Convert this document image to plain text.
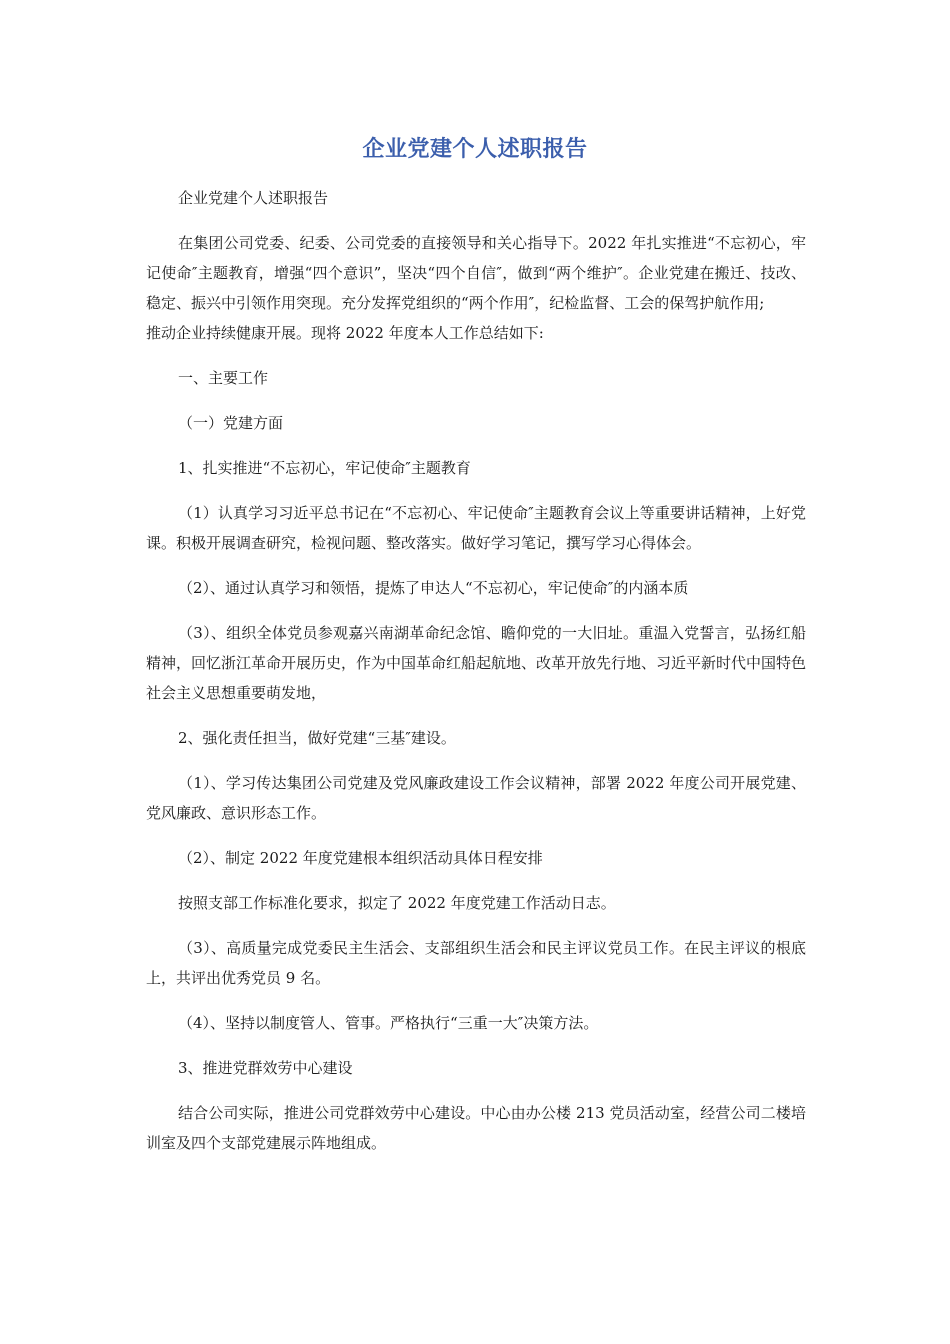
企业党建个人述职报告

企业党建个人述职报告

在集团公司党委、纪委、公司党委的直接领导和关心指导下。2022 年扎实推进“不忘初心，牢记使命″主题教育，增强“四个意识”，坚决“四个自信″，做到“两个维护″。企业党建在搬迁、技改、稳定、振兴中引领作用突现。充分发挥党组织的“两个作用″，纪检监督、工会的保驾护航作用;

推动企业持续健康开展。现将 2022 年度本人工作总结如下:

一、主要工作

（一）党建方面

1、扎实推进“不忘初心，牢记使命″主题教育

（1）认真学习习近平总书记在“不忘初心、牢记使命″主题教育会议上等重要讲话精神，上好党课。积极开展调查研究，检视问题、整改落实。做好学习笔记，撰写学习心得体会。

（2）、通过认真学习和领悟，提炼了申达人“不忘初心，牢记使命″的内涵本质

（3）、组织全体党员参观嘉兴南湖革命纪念馆、瞻仰党的一大旧址。重温入党誓言，弘扬红船精神，回忆浙江革命开展历史，作为中国革命红船起航地、改革开放先行地、习近平新时代中国特色社会主义思想重要萌发地，

2、强化责任担当，做好党建“三基″建设。

（1）、学习传达集团公司党建及党风廉政建设工作会议精神，部署 2022 年度公司开展党建、党风廉政、意识形态工作。

（2）、制定 2022 年度党建根本组织活动具体日程安排

按照支部工作标准化要求，拟定了 2022 年度党建工作活动日志。

（3）、高质量完成党委民主生活会、支部组织生活会和民主评议党员工作。在民主评议的根底上，共评出优秀党员 9 名。

（4）、坚持以制度管人、管事。严格执行“三重一大″决策方法。

3、推进党群效劳中心建设

结合公司实际，推进公司党群效劳中心建设。中心由办公楼 213 党员活动室，经营公司二楼培训室及四个支部党建展示阵地组成。
